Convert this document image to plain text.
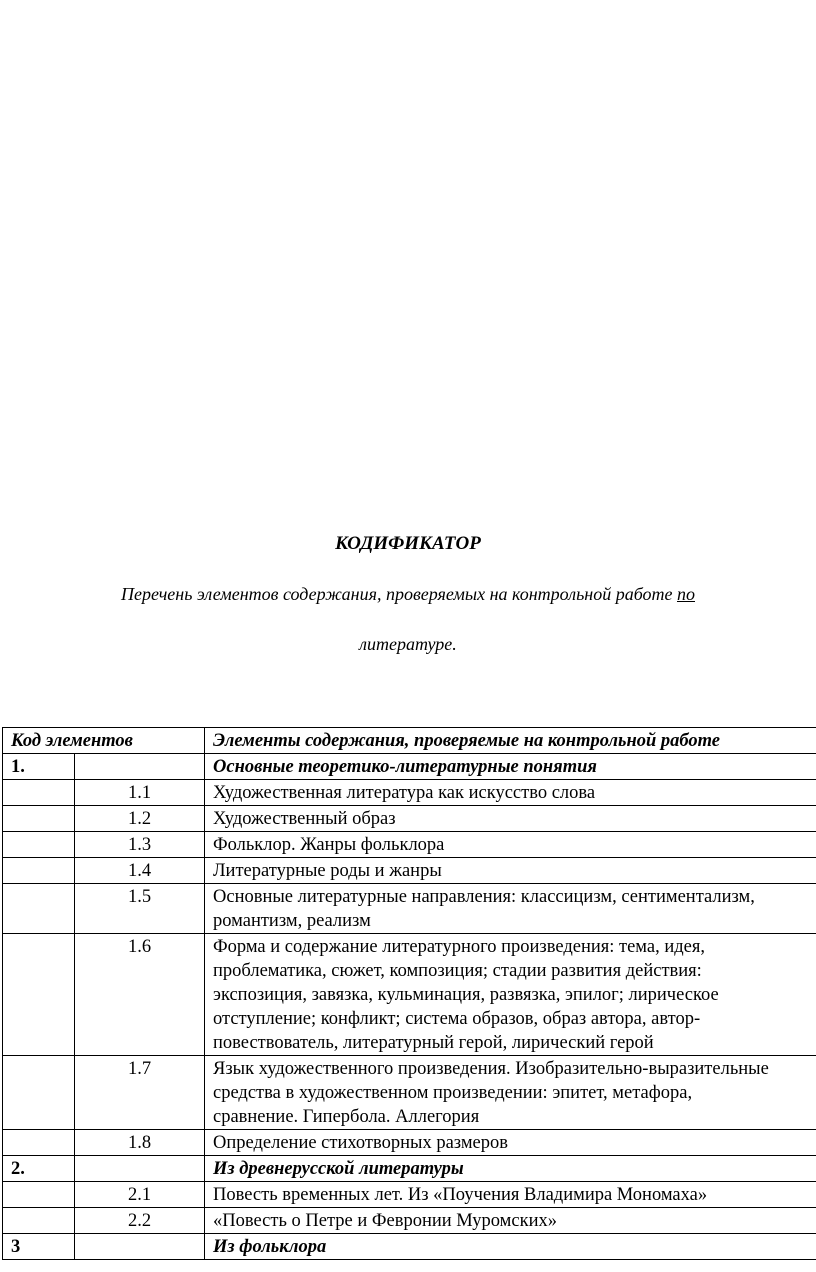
КОДИФИКАТОР
Перечень элементов содержания, проверяемых на контрольной работе по
литературе.
Код элементов		Элементы содержания, проверяемые на контрольной работе
1.		Основные теоретико-литературные понятия
	1.1	Художественная литература как искусство слова

	1.2	Художественный образ

	1.3	Фольклор. Жанры фольклора

	1.4	Литературные роды и жанры

	1.5	Основные литературные направления: классицизм, сентиментализм,
романтизм, реализм

	1.6	Форма и содержание литературного произведения: тема, идея,
проблематика, сюжет, композиция; стадии развития действия:
экспозиция, завязка, кульминация, развязка, эпилог; лирическое
отступление; конфликт; система образов, образ автора, автор-
повествователь, литературный герой, лирический герой

	1.7	Язык художественного произведения. Изобразительно-выразительные
средства в художественном произведении: эпитет, метафора,
сравнение. Гипербола. Аллегория

	1.8	Определение стихотворных размеров

2.		Из древнерусской литературы
	2.1	Повесть временных лет. Из «Поучения Владимира Мономаха»

	2.2	«Повесть о Петре и Февронии Муромских»

3		Из фольклора
